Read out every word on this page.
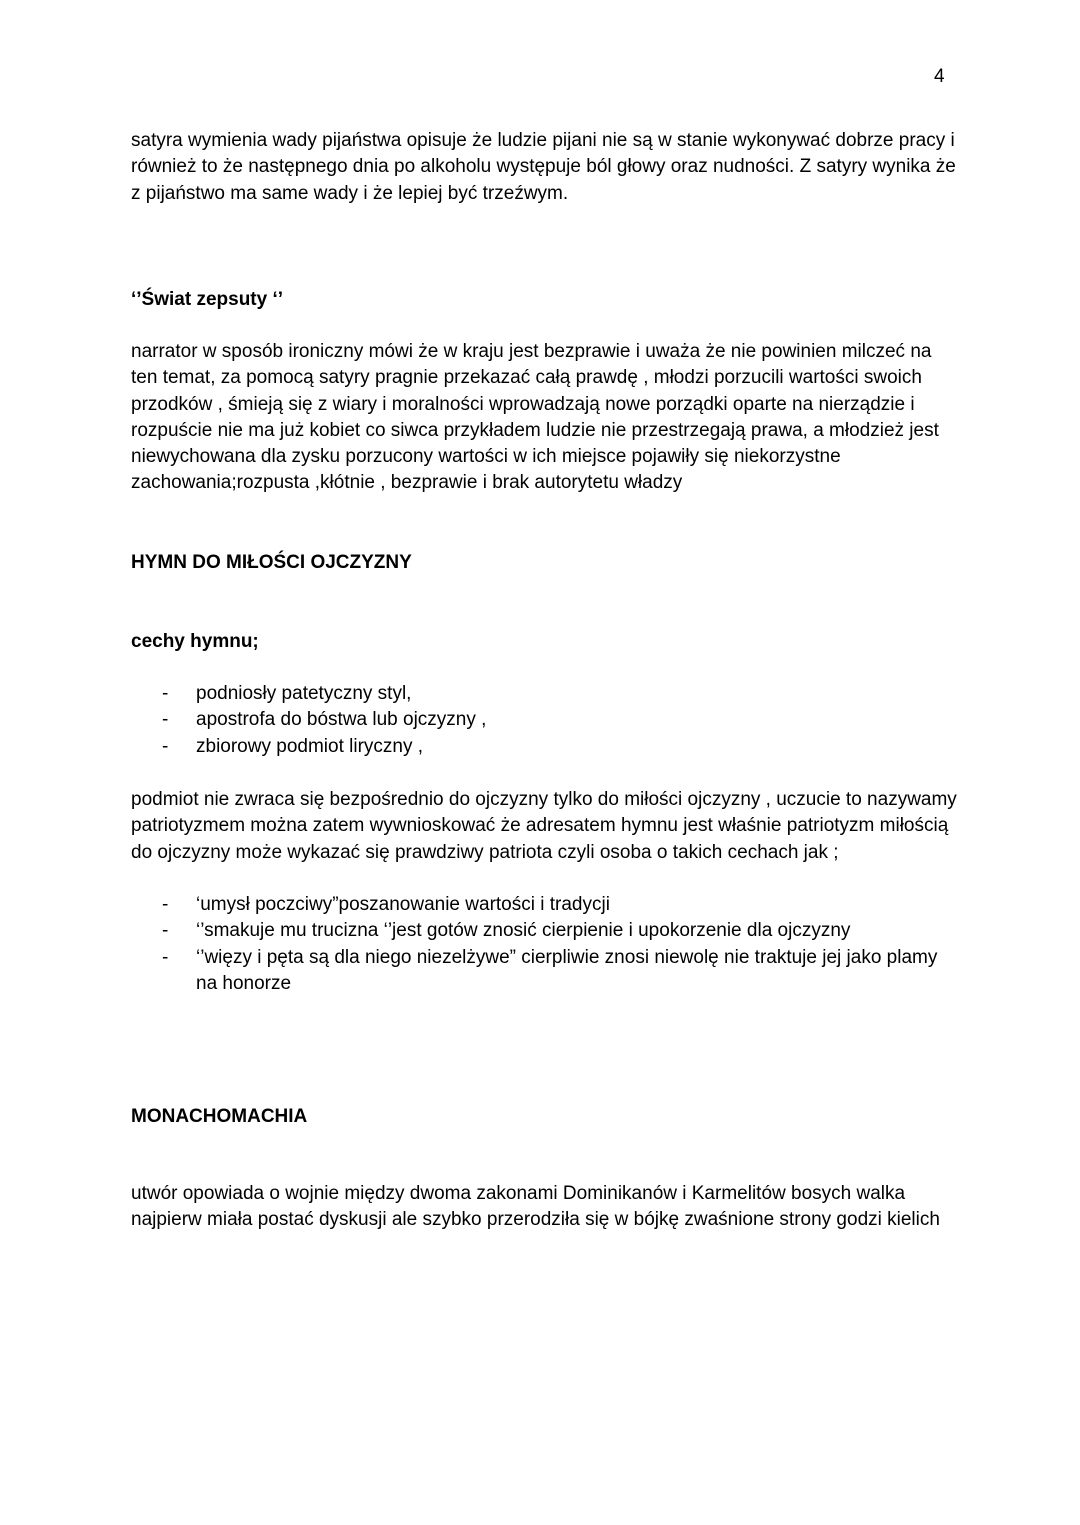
4
satyra wymienia wady pijaństwa opisuje że ludzie pijani nie są w stanie wykonywać dobrze pracy i również to że następnego dnia po alkoholu występuje ból głowy oraz nudności. Z satyry wynika że z pijaństwo ma same wady i że lepiej być trzeźwym.
‘’Świat zepsuty ‘’
narrator w sposób ironiczny mówi że w kraju jest bezprawie i uważa że nie powinien milczeć na ten temat, za pomocą satyry pragnie przekazać całą prawdę , młodzi porzucili wartości swoich przodków , śmieją się z wiary i moralności wprowadzają nowe porządki oparte na nierządzie i rozpuście nie ma już kobiet co siwca przykładem ludzie nie przestrzegają prawa, a młodzież jest niewychowana dla zysku porzucony wartości w ich miejsce pojawiły się niekorzystne zachowania;rozpusta ,kłótnie , bezprawie i brak autorytetu władzy
HYMN DO MIŁOŚCI OJCZYZNY
cechy hymnu;
- podniosły patetyczny styl,
- apostrofa do bóstwa lub ojczyzny ,
- zbiorowy podmiot liryczny ,
podmiot nie zwraca się bezpośrednio do ojczyzny tylko do miłości ojczyzny , uczucie to nazywamy patriotyzmem można zatem wywnioskować że adresatem hymnu jest właśnie patriotyzm miłością do ojczyzny może wykazać się prawdziwy patriota czyli osoba o takich cechach jak ;
- ‘umysł poczciwy”poszanowanie wartości i tradycji
- ‘’smakuje mu trucizna ‘’jest gotów znosić cierpienie i upokorzenie dla ojczyzny
- ‘’więzy i pęta są dla niego niezelżywe” cierpliwie znosi niewolę nie traktuje jej jako plamy na honorze
MONACHOMACHIA
utwór opowiada o wojnie między dwoma zakonami Dominikanów i Karmelitów bosych walka najpierw miała postać dyskusji ale szybko przerodziła się w bójkę zwaśnione strony godzi kielich
